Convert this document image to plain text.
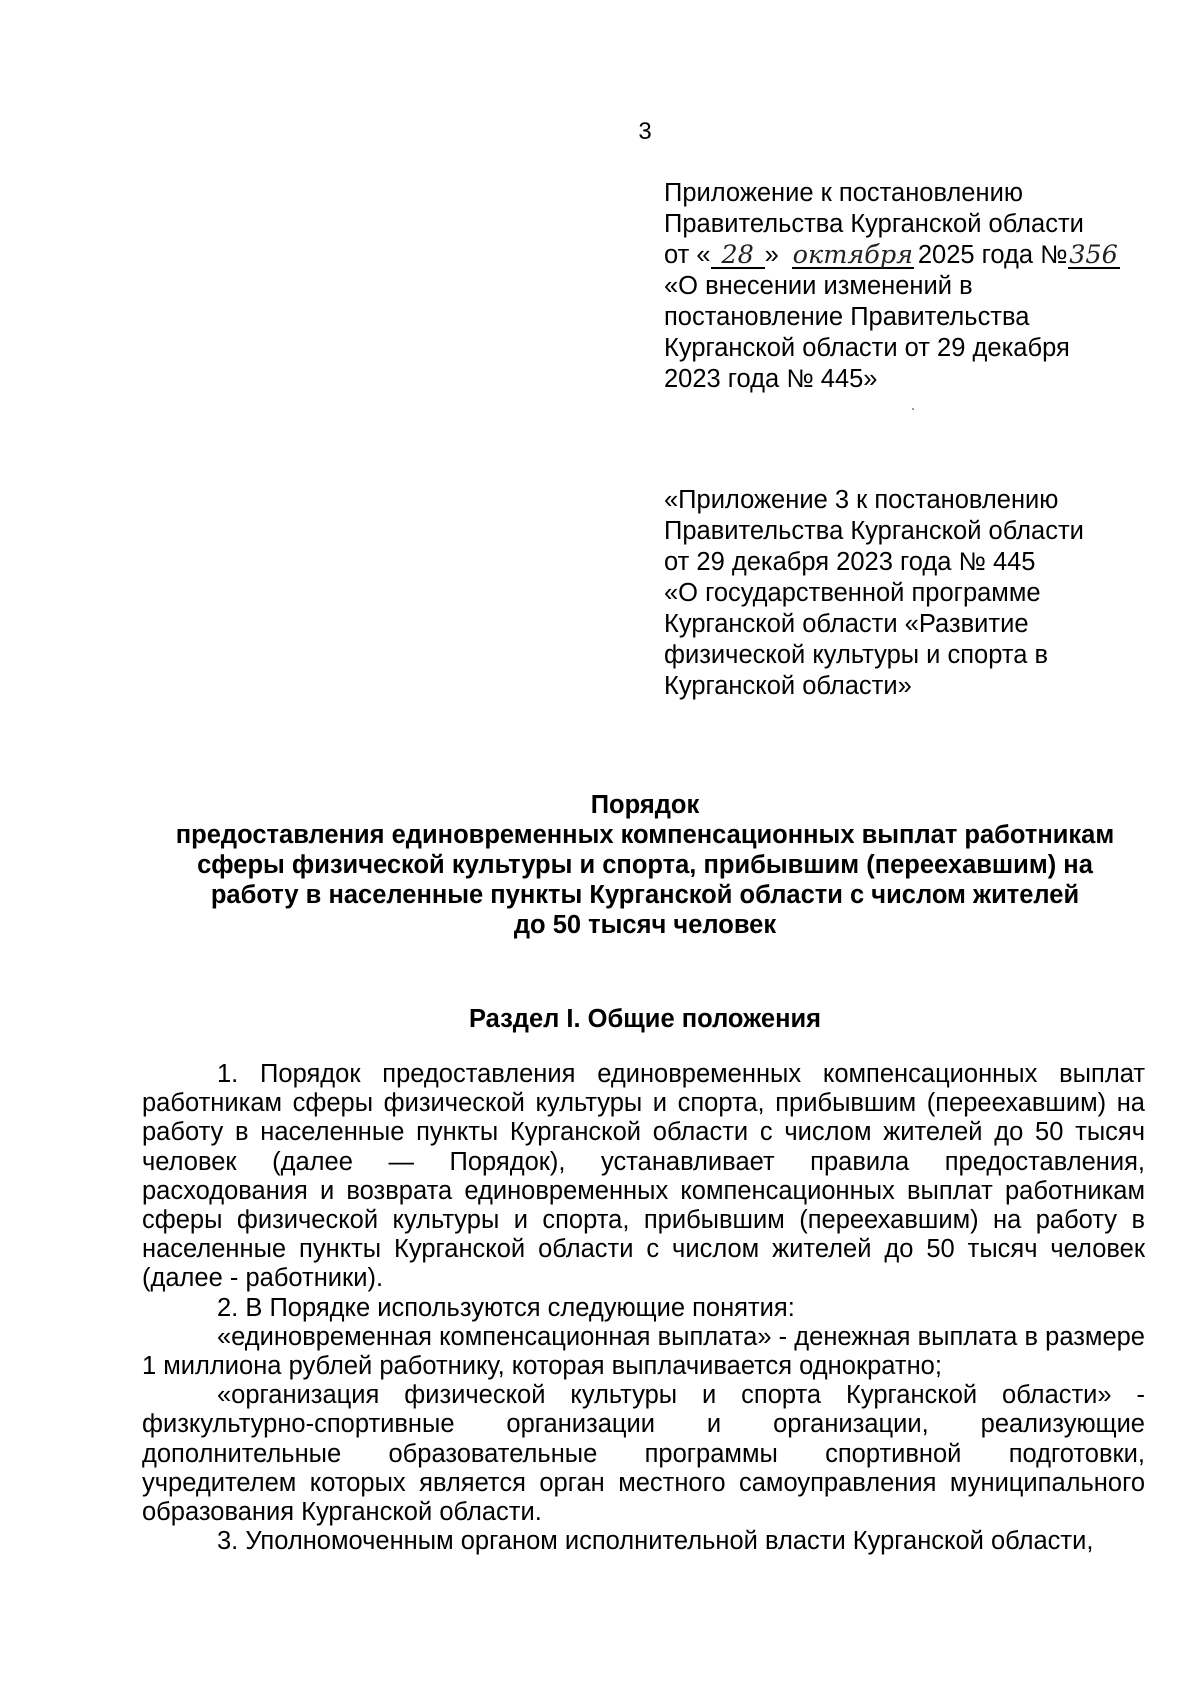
3
Приложение к постановлению
Правительства Курганской области
от « 28 » октября 2025 года №356
«О внесении изменений в
постановление Правительства
Курганской области от 29 декабря
2023 года № 445»
«Приложение 3 к постановлению
Правительства Курганской области
от 29 декабря 2023 года № 445
«О государственной программе
Курганской области «Развитие
физической культуры и спорта в
Курганской области»
Порядок
предоставления единовременных компенсационных выплат работникам
сферы физической культуры и спорта, прибывшим (переехавшим) на
работу в населенные пункты Курганской области с числом жителей
до 50 тысяч человек
Раздел I. Общие положения

1. Порядок предоставления единовременных компенсационных выплат работникам сферы физической культуры и спорта, прибывшим (переехавшим) на работу в населенные пункты Курганской области с числом жителей до 50 тысяч человек (далее — Порядок), устанавливает правила предоставления, расходования и возврата единовременных компенсационных выплат работникам сферы физической культуры и спорта, прибывшим (переехавшим) на работу в населенные пункты Курганской области с числом жителей до 50 тысяч человек (далее - работники).

2. В Порядке используются следующие понятия:

«единовременная компенсационная выплата» - денежная выплата в размере 1 миллиона рублей работнику, которая выплачивается однократно;

«организация физической культуры и спорта Курганской области» - физкультурно-спортивные организации и организации, реализующие дополнительные образовательные программы спортивной подготовки, учредителем которых является орган местного самоуправления муниципального образования Курганской области.

3. Уполномоченным органом исполнительной власти Курганской области,
